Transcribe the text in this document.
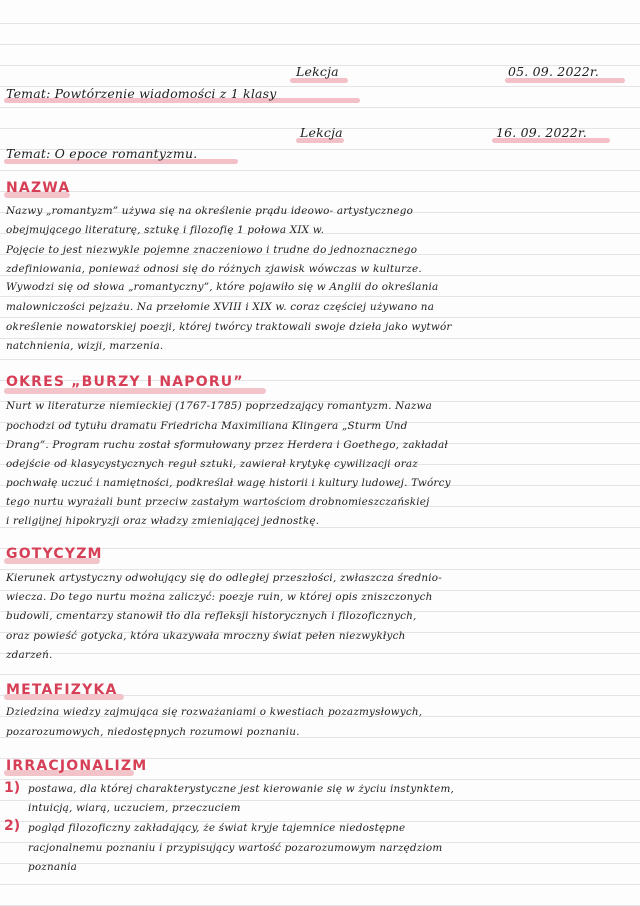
Lekcja	05. 09. 2022r.
Temat: Powtórzenie wiadomości z 1 klasy
Lekcja	16. 09. 2022r.
Temat: O epoce romantyzmu.
NAZWA
Nazwy „romantyzm” używa się na określenie prądu ideowo- artystycznego
obejmującego literaturę, sztukę i filozofię 1 połowa XIX w.
Pojęcie to jest niezwykle pojemne znaczeniowo i trudne do jednoznacznego
zdefiniowania, ponieważ odnosi się do różnych zjawisk wówczas w kulturze.
Wywodzi się od słowa „romantyczny”, które pojawiło się w Anglii do określania
malowniczości pejzażu. Na przełomie XVIII i XIX w. coraz częściej używano na
określenie nowatorskiej poezji, której twórcy traktowali swoje dzieła jako wytwór
natchnienia, wizji, marzenia.
OKRES „BURZY I NAPORU”
Nurt w literaturze niemieckiej (1767-1785) poprzedzający romantyzm. Nazwa
pochodzi od tytułu dramatu Friedricha Maximiliana Klingera „Sturm Und
Drang”. Program ruchu został sformułowany przez Herdera i Goethego, zakładał
odejście od klasycystycznych reguł sztuki, zawierał krytykę cywilizacji oraz
pochwałę uczuć i namiętności, podkreślał wagę historii i kultury ludowej. Twórcy
tego nurtu wyrażali bunt przeciw zastałym wartościom drobnomieszczańskiej
i religijnej hipokryzji oraz władzy zmieniającej jednostkę.
GOTYCYZM
Kierunek artystyczny odwołujący się do odległej przeszłości, zwłaszcza średnio-
wiecza. Do tego nurtu można zaliczyć: poezje ruin, w której opis zniszczonych
budowli, cmentarzy stanowił tło dla refleksji historycznych i filozoficznych,
oraz powieść gotycka, która ukazywała mroczny świat pełen niezwykłych
zdarzeń.
METAFIZYKA
Dziedzina wiedzy zajmująca się rozważaniami o kwestiach pozazmysłowych,
pozarozumowych, niedostępnych rozumowi poznaniu.
IRRACJONALIZM
1) postawa, dla której charakterystyczne jest kierowanie się w życiu instynktem,
intuicją, wiarą, uczuciem, przeczuciem
2) pogląd filozoficzny zakładający, że świat kryje tajemnice niedostępne
racjonalnemu poznaniu i przypisujący wartość pozarozumowym narzędziom
poznania
